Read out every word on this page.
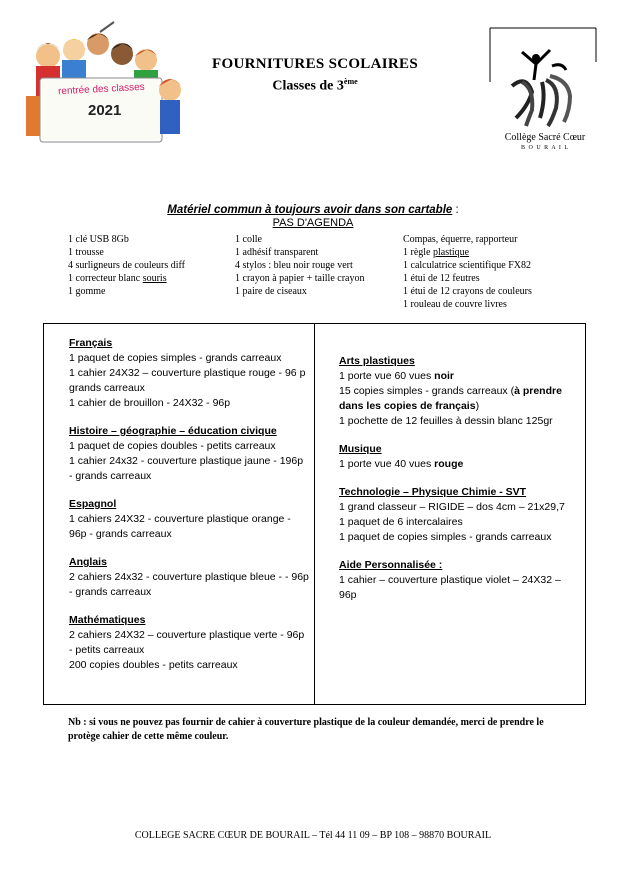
rentrée des classes
2021
FOURNITURES SCOLAIRES
Classes de 3ème
Collège Sacré Cœur
B O U R A I L
Matériel commun à toujours avoir dans son cartable :
PAS D'AGENDA
1 clé USB 8Gb
1 trousse
4 surligneurs de couleurs diff
1 correcteur blanc souris
1 gomme
1 colle
1 adhésif transparent
4 stylos : bleu noir rouge vert
1 crayon à papier + taille crayon
1 paire de ciseaux
Compas, équerre, rapporteur
1 règle plastique
1 calculatrice scientifique FX82
1 étui de 12 feutres
1 étui de 12 crayons de couleurs
1 rouleau de couvre livres
Français
1 paquet de copies simples - grands carreaux
1 cahier 24X32 – couverture plastique rouge - 96 p grands carreaux
1 cahier de brouillon - 24X32 - 96p
Histoire – géographie – éducation civique
1 paquet de copies doubles - petits carreaux
1 cahier 24x32 - couverture plastique jaune - 196p - grands carreaux
Espagnol
1 cahiers 24X32 - couverture plastique orange - 96p - grands carreaux
Anglais
2 cahiers 24x32 - couverture plastique bleue - - 96p - grands carreaux
Mathématiques
2 cahiers 24X32 – couverture plastique verte - 96p - petits carreaux
200 copies doubles - petits carreaux
Arts plastiques
1 porte vue 60 vues noir
15 copies simples - grands carreaux (à prendre dans les copies de français)
1 pochette de 12 feuilles à dessin blanc 125gr
Musique
1 porte vue 40 vues rouge
Technologie – Physique Chimie - SVT
1 grand classeur – RIGIDE – dos 4cm – 21x29,7
1 paquet de 6 intercalaires
1 paquet de copies simples - grands carreaux
Aide Personnalisée :
1 cahier – couverture plastique violet – 24X32 – 96p
Nb : si vous ne pouvez pas fournir de cahier à couverture plastique de la couleur demandée, merci de prendre le protège cahier de cette même couleur.
COLLEGE SACRE CŒUR DE BOURAIL – Tél 44 11 09 – BP 108 – 98870 BOURAIL
